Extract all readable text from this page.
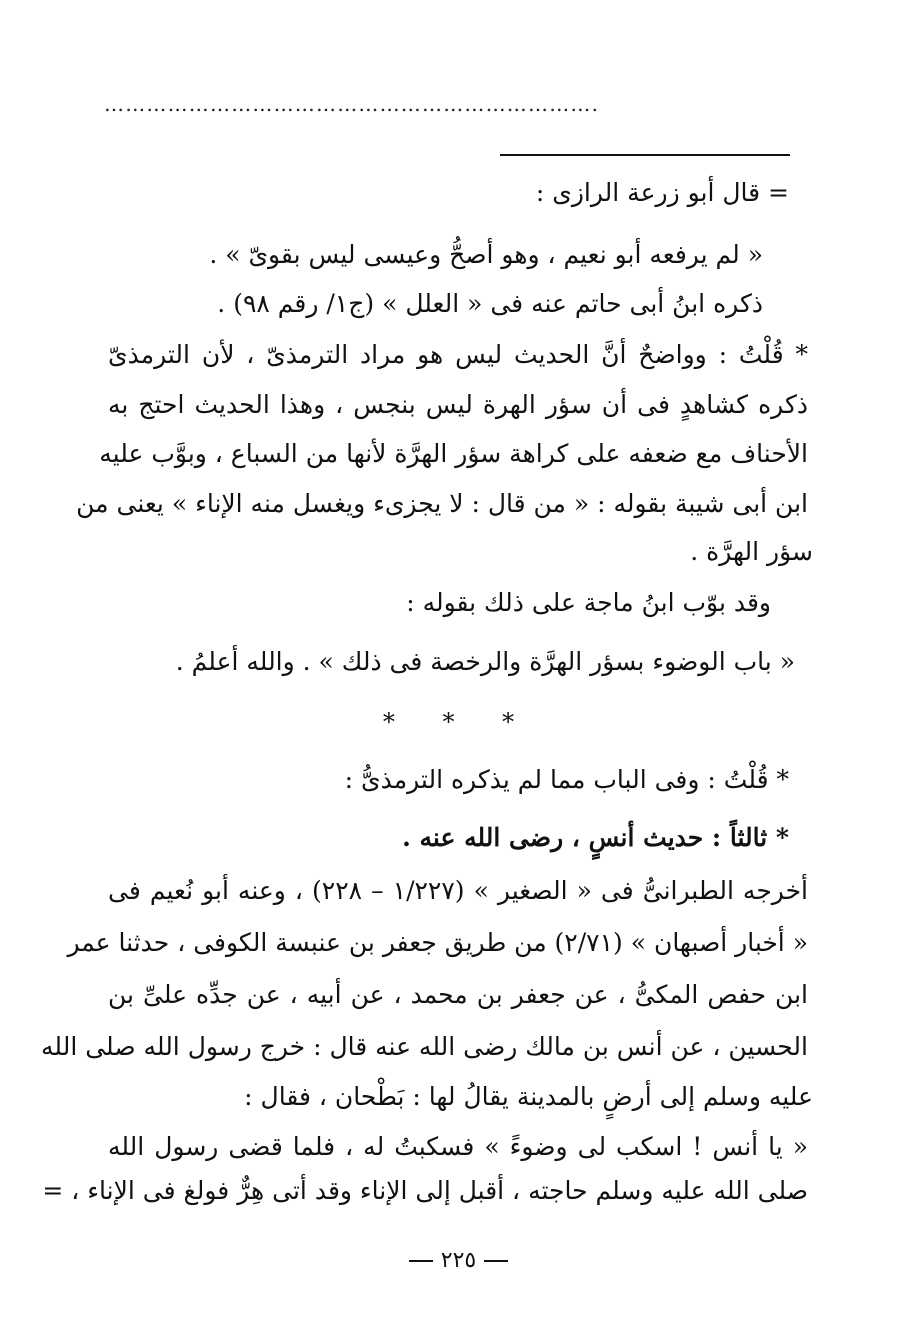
…………………………………………………………….
= قال أبو زرعة الرازى :
« لم يرفعه أبو نعيم ، وهو أصحُّ وعيسى ليس بقوىّ » .
ذكره ابنُ أبى حاتم عنه فى « العلل » (ج١/ رقم ٩٨) .
* قُلْتُ : وواضحٌ أنَّ الحديث ليس هو مراد الترمذىّ ، لأن الترمذىّ
ذكره كشاهدٍ فى أن سؤر الهرة ليس بنجس ، وهذا الحديث احتج به
الأحناف مع ضعفه على كراهة سؤر الهرَّة لأنها من السباع ، وبوَّب عليه
ابن أبى شيبة بقوله : « من قال : لا يجزىء ويغسل منه الإناء » يعنى من
سؤر الهرَّة .
وقد بوّب ابنُ ماجة على ذلك بقوله :
« باب الوضوء بسؤر الهرَّة والرخصة فى ذلك » . والله أعلمُ .
* * *
* قُلْتُ : وفى الباب مما لم يذكره الترمذىُّ :
* ثالثاً : حديث أنسٍ ، رضى الله عنه .
أخرجه الطبرانىُّ فى « الصغير » (١/٢٢٧ – ٢٢٨) ، وعنه أبو نُعيم فى
« أخبار أصبهان » (٢/٧١) من طريق جعفر بن عنبسة الكوفى ، حدثنا عمر
ابن حفص المكىُّ ، عن جعفر بن محمد ، عن أبيه ، عن جدِّه علىِّ بن
الحسين ، عن أنس بن مالك رضى الله عنه قال : خرج رسول الله صلى الله
عليه وسلم إلى أرضٍ بالمدينة يقالُ لها : بَطْحان ، فقال :
« يا أنس ! اسكب لى وضوءً » فسكبتُ له ، فلما قضى رسول الله
صلى الله عليه وسلم حاجته ، أقبل إلى الإناء وقد أتى هِرٌّ فولغ فى الإناء ، =
٢٢٥
